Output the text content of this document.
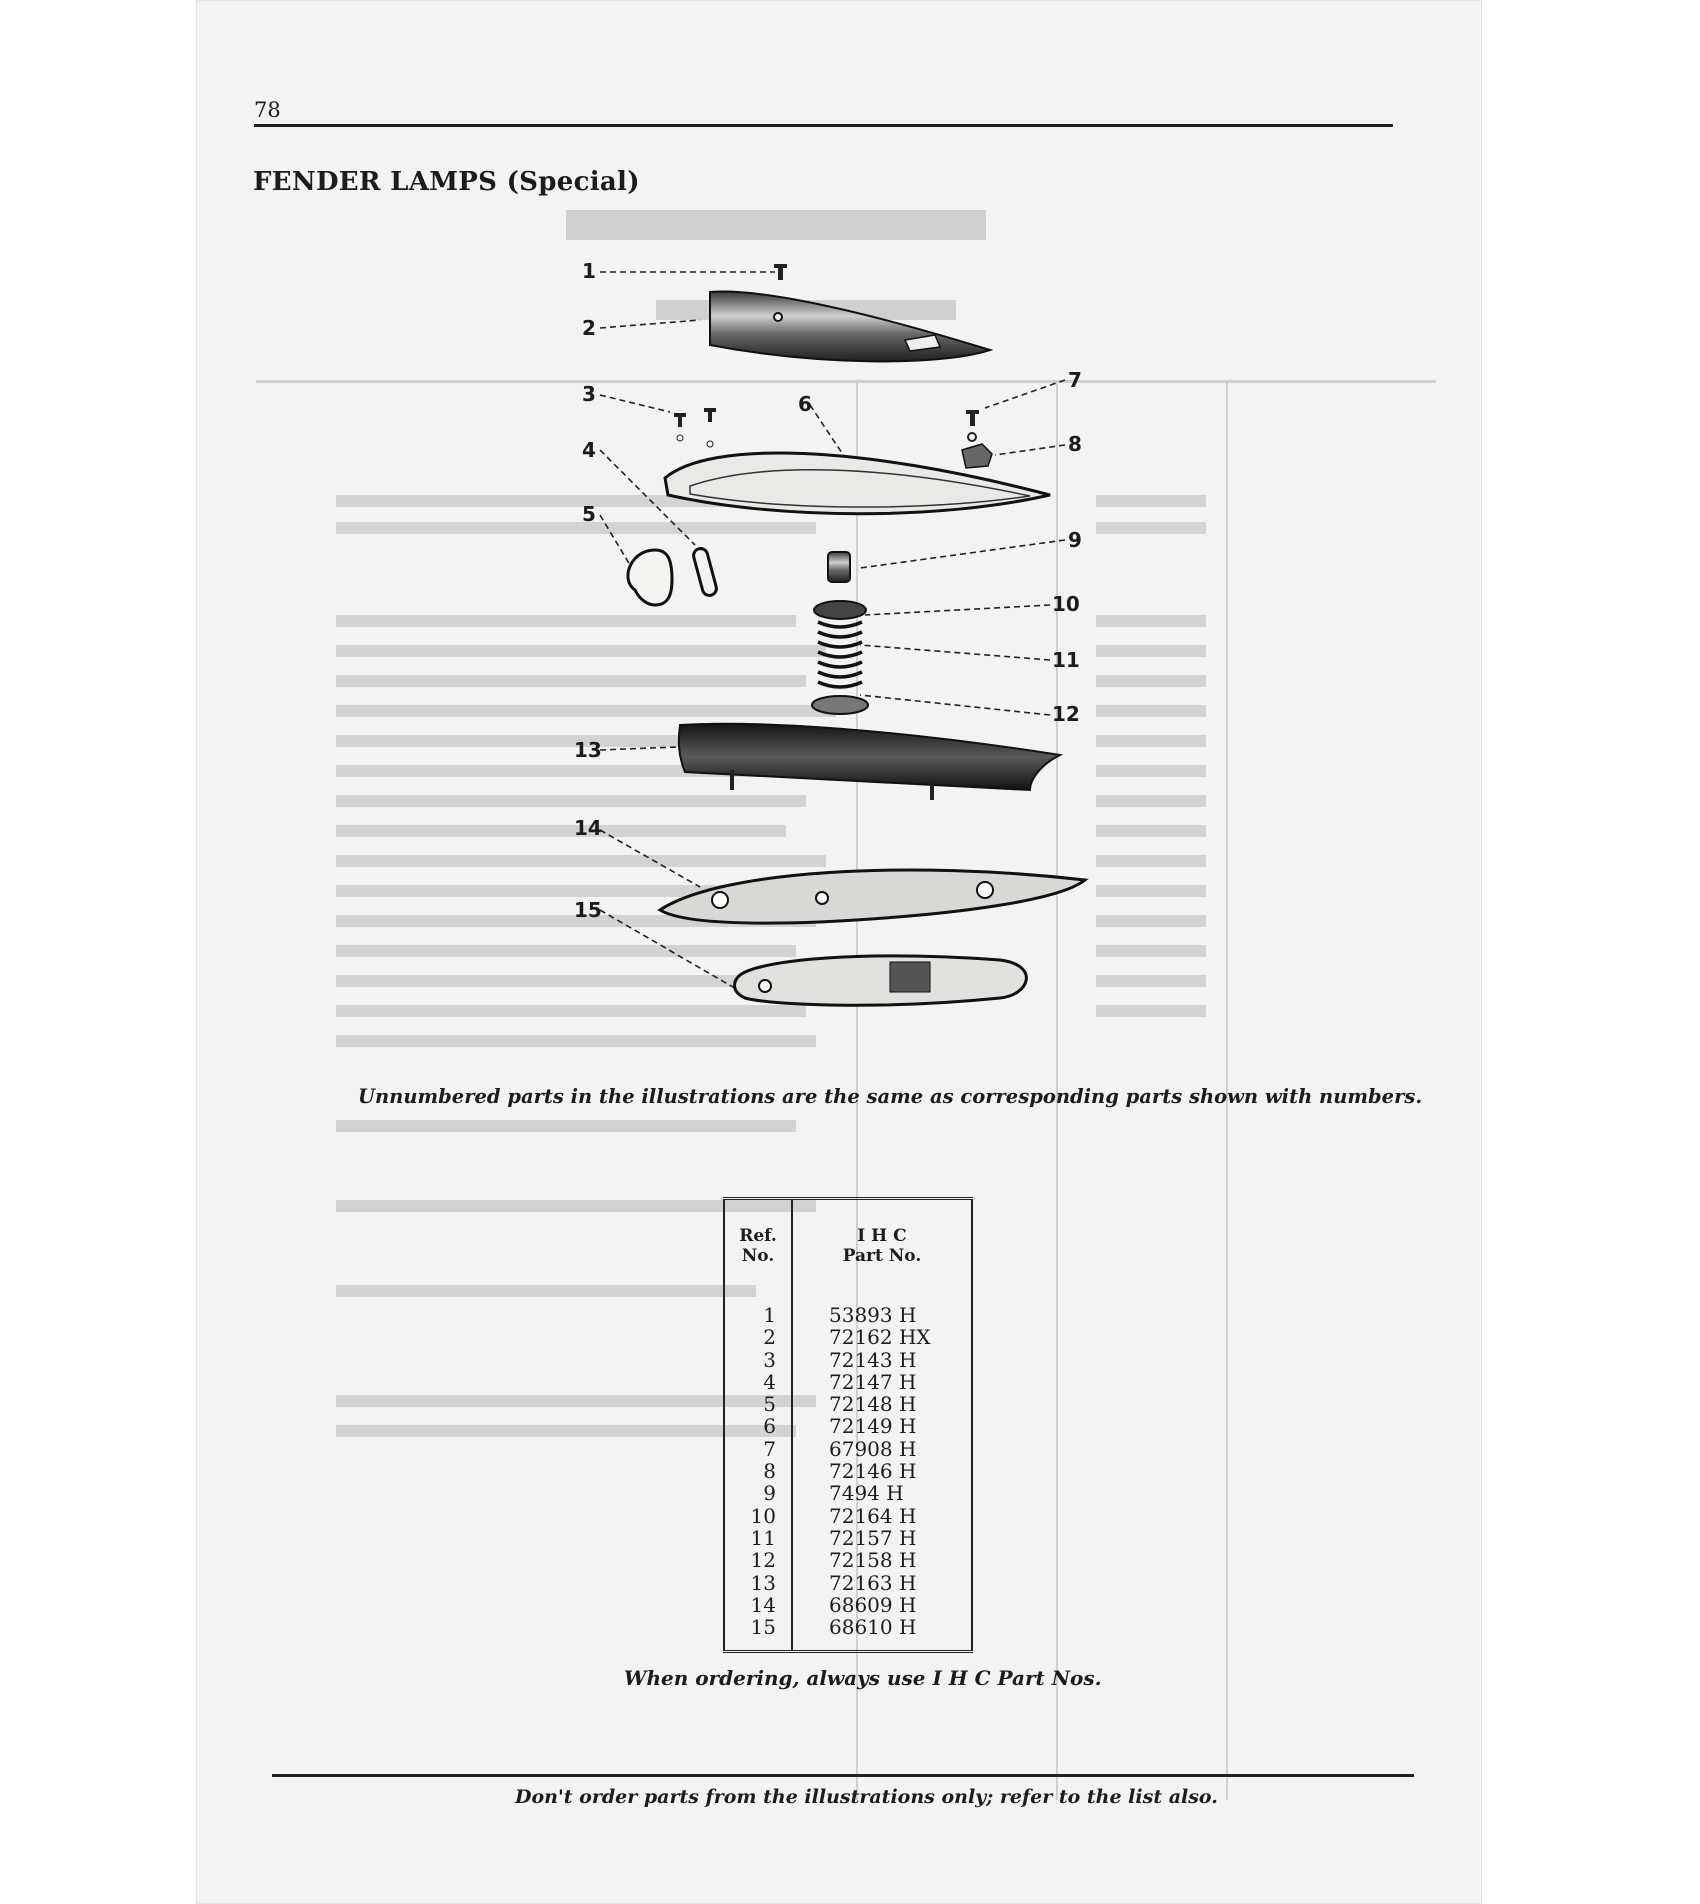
78
FENDER LAMPS (Special)
1
2
3
4
5
6
7
8
9
10
11
12
13
14
15
Unnumbered parts in the illustrations are the same as corresponding parts shown with numbers.
Ref.
No.
I H C
Part No.
1	53893 H
2	72162 HX
3	72143 H
4	72147 H
5	72148 H
6	72149 H
7	67908 H
8	72146 H
9	7494 H
10	72164 H
11	72157 H
12	72158 H
13	72163 H
14	68609 H
15	68610 H
When ordering, always use I H C Part Nos.
Don't order parts from the illustrations only; refer to the list also.
